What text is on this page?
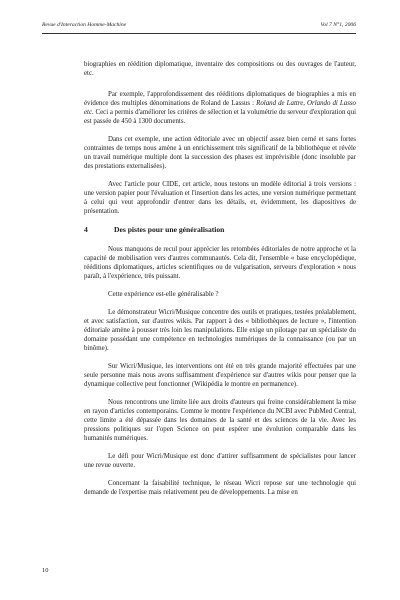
Revue d'Interaction Homme-Machine	Vol 7 N°1, 2006

biographies en réédition diplomatique, inventaire des compositions ou des ouvrages de l'auteur, etc.

Par exemple, l'approfondissement des rééditions diplomatiques de biographies a mis en évidence des multiples dénominations de Roland de Lassus : Roland de Lattre, Orlando di Lasso etc. Ceci a permis d'améliorer les critères de sélection et la volumétrie du serveur d'exploration qui est passée de 450 à 1300 documents.

Dans cet exemple, une action éditoriale avec un objectif assez bien cerné et sans fortes contraintes de temps nous amène à un enrichissement très significatif de la bibliothèque et révèle un travail numérique multiple dont la succession des phases est imprévisible (donc insoluble par des prestations externalisées).

Avec l'article pour CIDE, cet article, nous testons un modèle éditorial à trois versions : une version papier pour l'évaluation et l'insertion dans les actes, une version numérique permettant à celui qui veut approfondir d'entrer dans les détails, et, évidemment, les diapositives de présentation.

4	Des pistes pour une généralisation

Nous manquons de recul pour apprécier les retombées éditoriales de notre approche et la capacité de mobilisation vers d'autres communautés. Cela dit, l'ensemble « base encyclopédique, rééditions diplomatiques, articles scientifiques ou de vulgarisation, serveurs d'exploration » nous paraît, à l'expérience, très puissant.

Cette expérience est-elle généralisable ?

Le démonstrateur Wicri/Musique concentre des outils et pratiques, testées préalablement, et avec satisfaction, sur d'autres wikis. Par rapport à des « bibliothèques de lecture », l'intention éditoriale amène à pousser très loin les manipulations. Elle exige un pilotage par un spécialiste du domaine possédant une compétence en technologies numériques de la connaissance (ou par un binôme).

Sur Wicri/Musique, les interventions ont été en très grande majorité effectuées par une seule personne mais nous avons suffisamment d'expérience sur d'autres wikis pour penser que la dynamique collective peut fonctionner (Wikipédia le montre en permanence).

Nous rencontrons une limite liée aux droits d'auteurs qui freine considérablement la mise en rayon d'articles contemporains. Comme le montre l'expérience du NCBI avec PubMed Central, cette limite a été dépassée dans les domaines de la santé et des sciences de la vie. Avec les pressions politiques sur l'open Science on peut espérer une évolution comparable dans les humanités numériques.

Le défi pour Wicri/Musique est donc d'attirer suffisamment de spécialistes pour lancer une revue ouverte.

Concernant la faisabilité technique, le réseau Wicri repose sur une technologie qui demande de l'expertise mais relativement peu de développements. La mise en

10
